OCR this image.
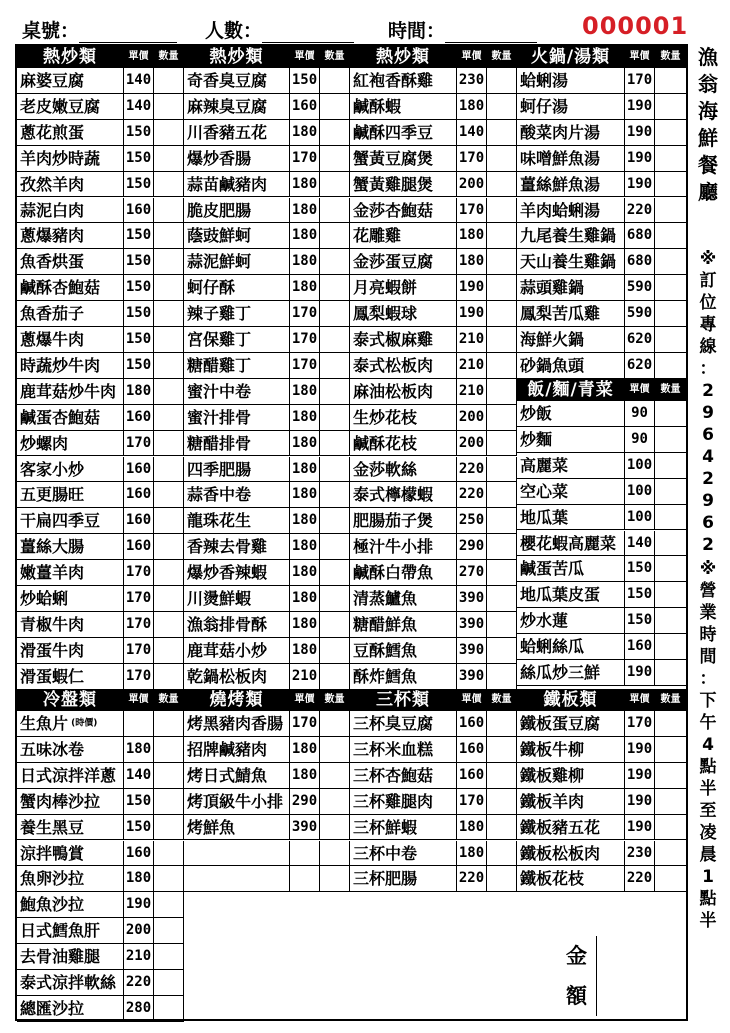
桌號：	人數：	時間：	000001
熱炒類	單價	數量
麻婆豆腐	140
老皮嫩豆腐	140
蔥花煎蛋	150
羊肉炒時蔬	150
孜然羊肉	150
蒜泥白肉	160
蔥爆豬肉	150
魚香烘蛋	150
鹹酥杏鮑菇	150
魚香茄子	150
蔥爆牛肉	150
時蔬炒牛肉	150
鹿茸菇炒牛肉 180
鹹蛋杏鮑菇	160
炒螺肉	170
客家小炒	160
五更腸旺	160
干扁四季豆	160
薑絲大腸	160
嫩薑羊肉	170
炒蛤蜊	170
青椒牛肉	170
滑蛋牛肉	170
滑蛋蝦仁	170
熱炒類	單價	數量
奇香臭豆腐	150
麻辣臭豆腐	160
川香豬五花	180
爆炒香腸	170
蒜苗鹹豬肉	180
脆皮肥腸	180
蔭豉鮮蚵	180
蒜泥鮮蚵	180
蚵仔酥	180
辣子雞丁	170
宮保雞丁	170
糖醋雞丁	170
蜜汁中卷	180
蜜汁排骨	180
糖醋排骨	180
四季肥腸	180
蒜香中卷	180
龍珠花生	180
香辣去骨雞	180
爆炒香辣蝦	180
川燙鮮蝦	180
漁翁排骨酥	180
鹿茸菇小炒	180
乾鍋松板肉	210
熱炒類	單價	數量
紅袍香酥雞	230
鹹酥蝦	180
鹹酥四季豆	140
蟹黃豆腐煲	170
蟹黃雞腿煲	200
金莎杏鮑菇	170
花雕雞	180
金莎蛋豆腐	180
月亮蝦餅	190
鳳梨蝦球	190
泰式椒麻雞	210
泰式松板肉	210
麻油松板肉	210
生炒花枝	200
鹹酥花枝	200
金莎軟絲	220
泰式檸檬蝦	220
肥腸茄子煲	250
極汁牛小排	290
鹹酥白帶魚	270
清蒸鱸魚	390
糖醋鮮魚	390
豆酥鱈魚	390
酥炸鱈魚	390
火鍋/湯類	單價	數量
蛤蜊湯	170
蚵仔湯	190
酸菜肉片湯	190
味噌鮮魚湯	190
薑絲鮮魚湯	190
羊肉蛤蜊湯	220
九尾養生雞鍋 680
天山養生雞鍋 680
蒜頭雞鍋	590
鳳梨苦瓜雞	590
海鮮火鍋	620
砂鍋魚頭	620
飯/麵/青菜	單價	數量
炒飯	90
炒麵	90
高麗菜	100
空心菜	100
地瓜葉	100
櫻花蝦高麗菜 140
鹹蛋苦瓜	150
地瓜葉皮蛋	150
炒水蓮	150
蛤蜊絲瓜	160
絲瓜炒三鮮	190
冷盤類	單價	數量
生魚片 (時價)
五味冰卷	180
日式涼拌洋蔥 140
蟹肉棒沙拉	150
養生黑豆	150
涼拌鴨賞	160
魚卵沙拉	180
鮑魚沙拉	190
日式鱈魚肝	200
去骨油雞腿	210
泰式涼拌軟絲 220
總匯沙拉	280
燒烤類	單價	數量
烤黑豬肉香腸 170
招牌鹹豬肉	180
烤日式鯖魚	180
烤頂級牛小排 290
烤鮮魚	390
三杯類	單價	數量
三杯臭豆腐	160
三杯米血糕	160
三杯杏鮑菇	160
三杯雞腿肉	170
三杯鮮蝦	180
三杯中卷	180
三杯肥腸	220
鐵板類	單價	數量
鐵板蛋豆腐	170
鐵板牛柳	190
鐵板雞柳	190
鐵板羊肉	190
鐵板豬五花	190
鐵板松板肉	230
鐵板花枝	220
金
額
漁
翁
海
鮮
餐
廳
※
訂
位
專
線
：
2
9
6
4
2
9
6
2
※
營
業
時
間
：
下
午
4
點
半
至
凌
晨
1
點
半
